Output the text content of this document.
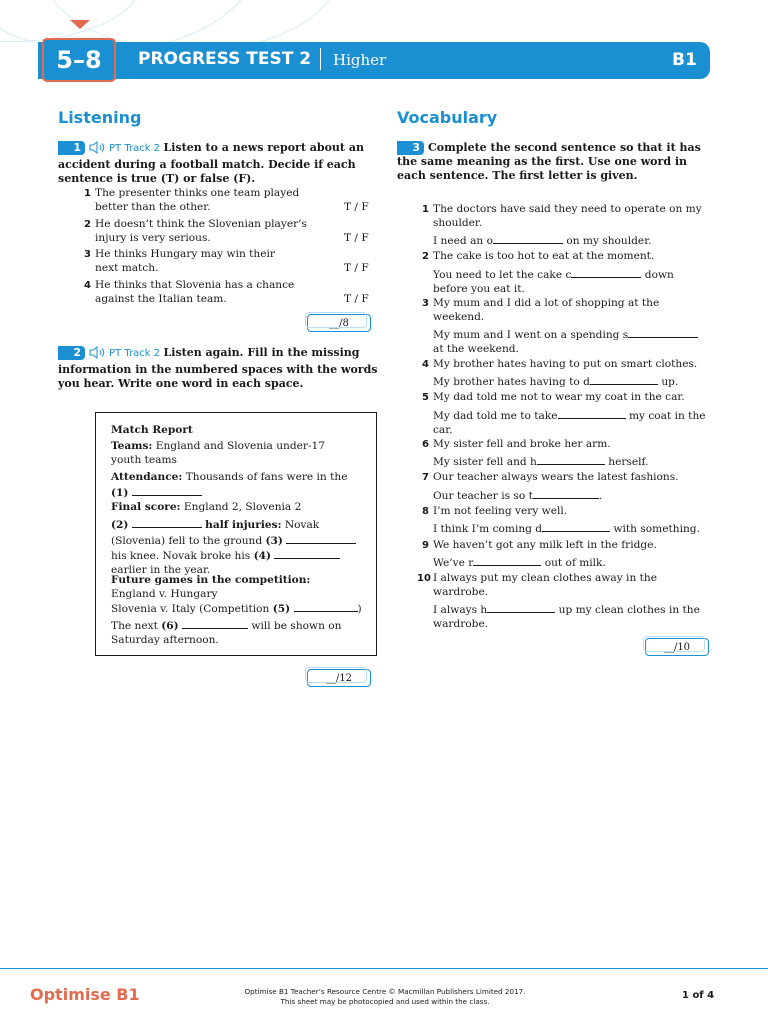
5–8	PROGRESS TEST 2 Higher	B1
Listening
1	PT Track 2 Listen to a news report about an accident during a football match. Decide if each sentence is true (T) or false (F).
1 The presenter thinks one team played better than the other.	T / F
2 He doesn’t think the Slovenian player’s injury is very serious.	T / F
3 He thinks Hungary may win their next match.	T / F
4 He thinks that Slovenia has a chance against the Italian team.	T / F
__/8
2	PT Track 2 Listen again. Fill in the missing information in the numbered spaces with the words you hear. Write one word in each space.
Match Report
Teams: England and Slovenia under-17 youth teams
Attendance: Thousands of fans were in the
(1)
Final score: England 2, Slovenia 2
(2)	half injuries: Novak (Slovenia) fell to the ground (3)
his knee. Novak broke his (4)
earlier in the year.
Future games in the competition:
England v. Hungary
Slovenia v. Italy (Competition (5)	)
The next (6)	will be shown on Saturday afternoon.
__/12
Vocabulary
3 Complete the second sentence so that it has the same meaning as the first. Use one word in each sentence. The first letter is given.
1 The doctors have said they need to operate on my shoulder.
I need an o	on my shoulder.
2 The cake is too hot to eat at the moment.
You need to let the cake c	down before you eat it.
3 My mum and I did a lot of shopping at the weekend.
My mum and I went on a spending s
at the weekend.
4 My brother hates having to put on smart clothes.
My brother hates having to d	up.
5 My dad told me not to wear my coat in the car.
My dad told me to take	my coat in the car.
6 My sister fell and broke her arm.
My sister fell and h	herself.
7 Our teacher always wears the latest fashions.
Our teacher is so t	.
8 I’m not feeling very well.
I think I’m coming d	with something.
9 We haven’t got any milk left in the fridge.
We’ve r	out of milk.
10 I always put my clean clothes away in the wardrobe.
I always h	up my clean clothes in the wardrobe.
__/10
Optimise B1	Optimise B1 Teacher’s Resource Centre © Macmillan Publishers Limited 2017.
This sheet may be photocopied and used within the class.
1 of 4
